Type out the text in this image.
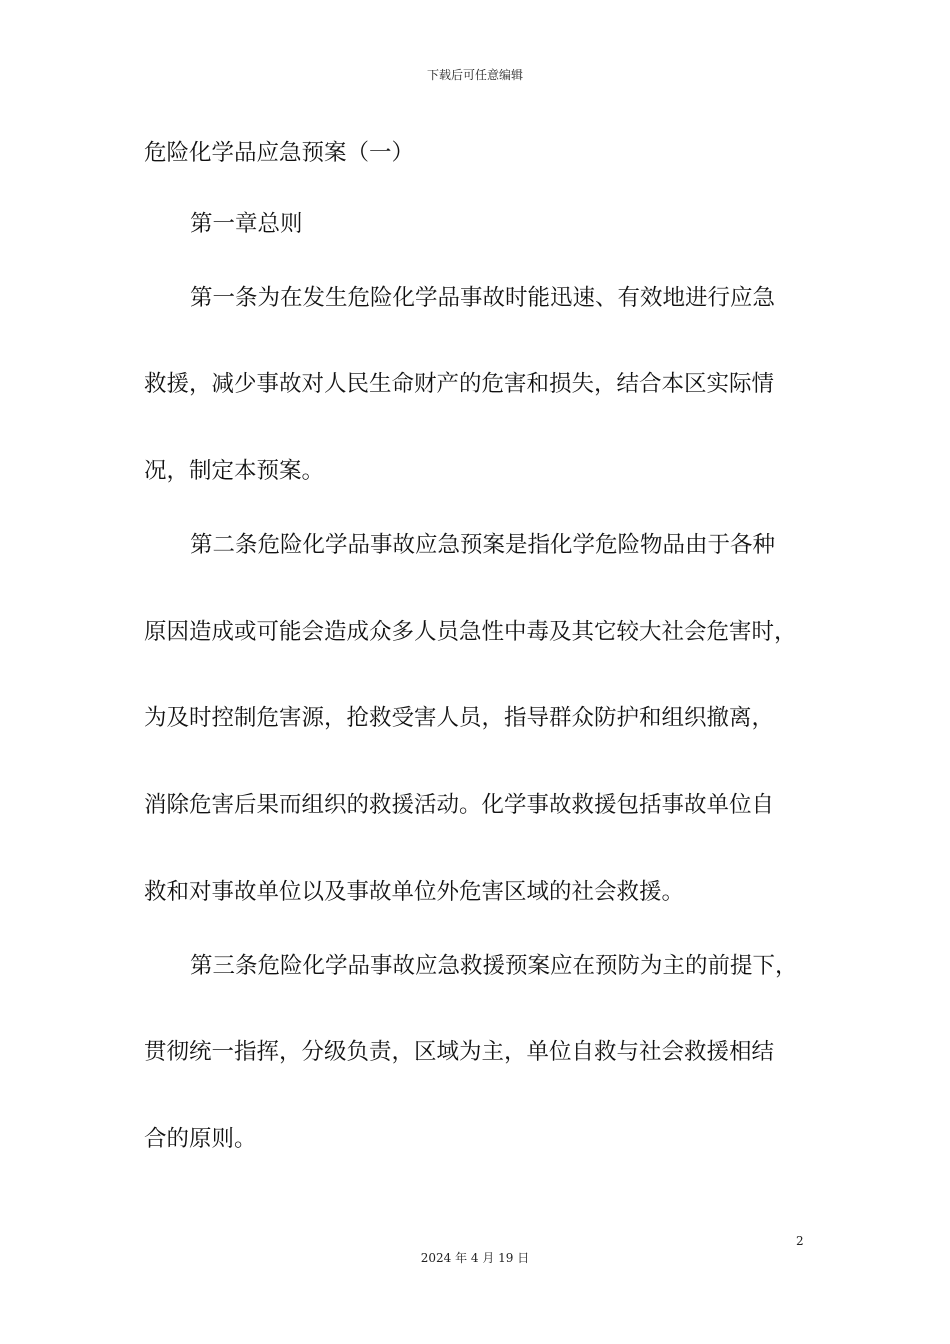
下载后可任意编辑
危险化学品应急预案（一）
第一章总则
第一条为在发生危险化学品事故时能迅速、有效地进行应急
救援，减少事故对人民生命财产的危害和损失，结合本区实际情
况，制定本预案。
第二条危险化学品事故应急预案是指化学危险物品由于各种
原因造成或可能会造成众多人员急性中毒及其它较大社会危害时，
为及时控制危害源，抢救受害人员，指导群众防护和组织撤离，
消除危害后果而组织的救援活动。化学事故救援包括事故单位自
救和对事故单位以及事故单位外危害区域的社会救援。
第三条危险化学品事故应急救援预案应在预防为主的前提下，
贯彻统一指挥，分级负责，区域为主，单位自救与社会救援相结
合的原则。
2
2024 年 4 月 19 日
